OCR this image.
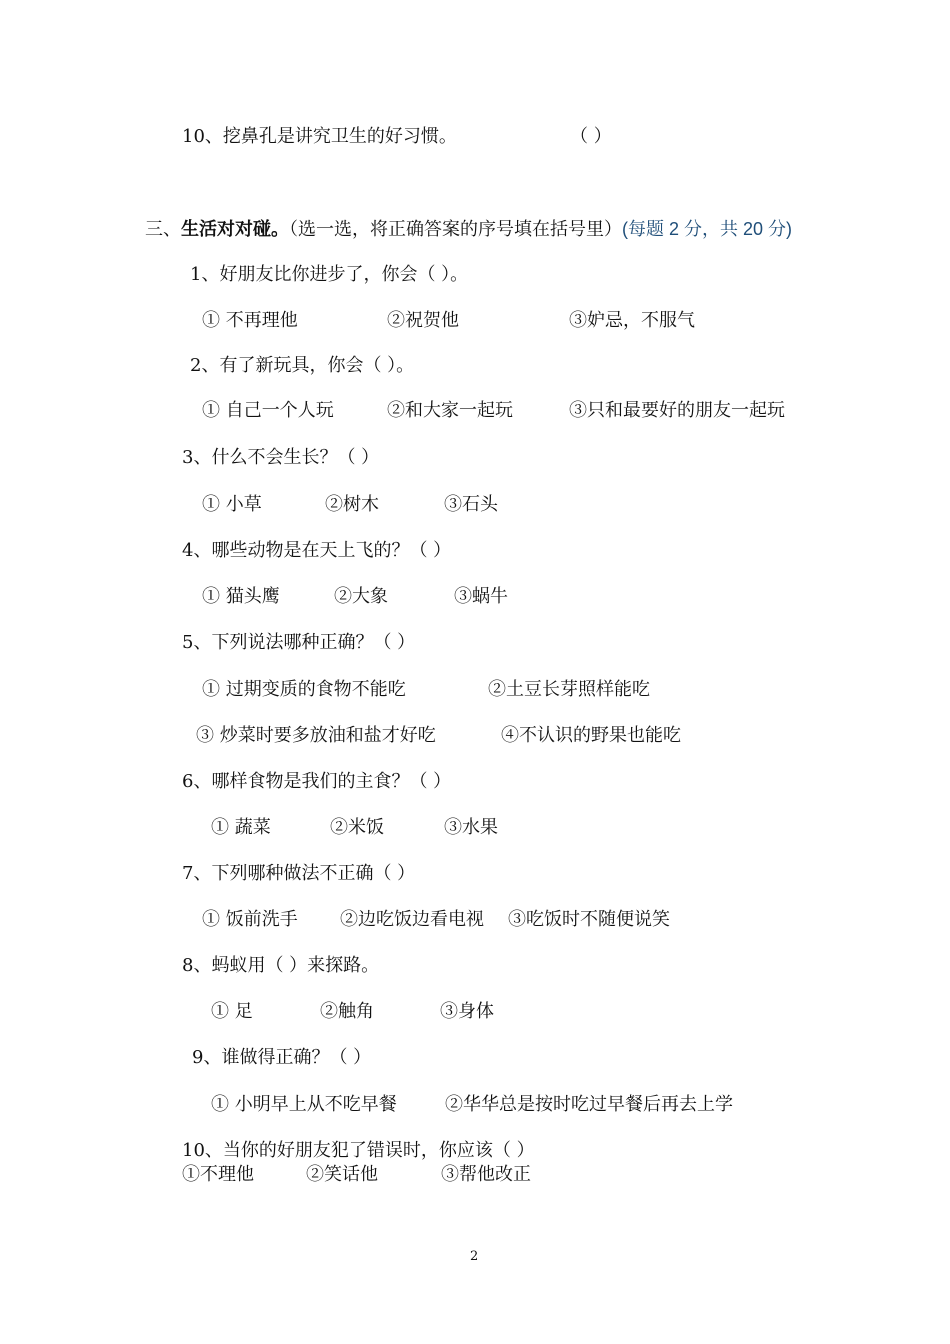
10、挖鼻孔是讲究卫生的好习惯。	（ ）
三、生活对对碰。（选一选，将正确答案的序号填在括号里）(每题 2 分，共 20 分)
1、好朋友比你进步了，你会（ ）。
① 不再理他	②祝贺他	③妒忌，不服气
2、有了新玩具，你会（ ）。
① 自己一个人玩	②和大家一起玩	③只和最要好的朋友一起玩
3、什么不会生长？（ ）
① 小草	②树木	③石头
4、哪些动物是在天上飞的？（ ）
① 猫头鹰	②大象	③蜗牛
5、下列说法哪种正确？（ ）
① 过期变质的食物不能吃	②土豆长芽照样能吃
③ 炒菜时要多放油和盐才好吃	④不认识的野果也能吃
6、哪样食物是我们的主食？（ ）
① 蔬菜	②米饭	③水果
7、下列哪种做法不正确（ ）
① 饭前洗手 ②边吃饭边看电视 ③吃饭时不随便说笑
8、蚂蚁用（ ）来探路。
① 足	②触角	③身体
9、谁做得正确？（ ）
① 小明早上从不吃早餐	②华华总是按时吃过早餐后再去上学
10、当你的好朋友犯了错误时，你应该（ ）
①不理他	②笑话他	③帮他改正
2
